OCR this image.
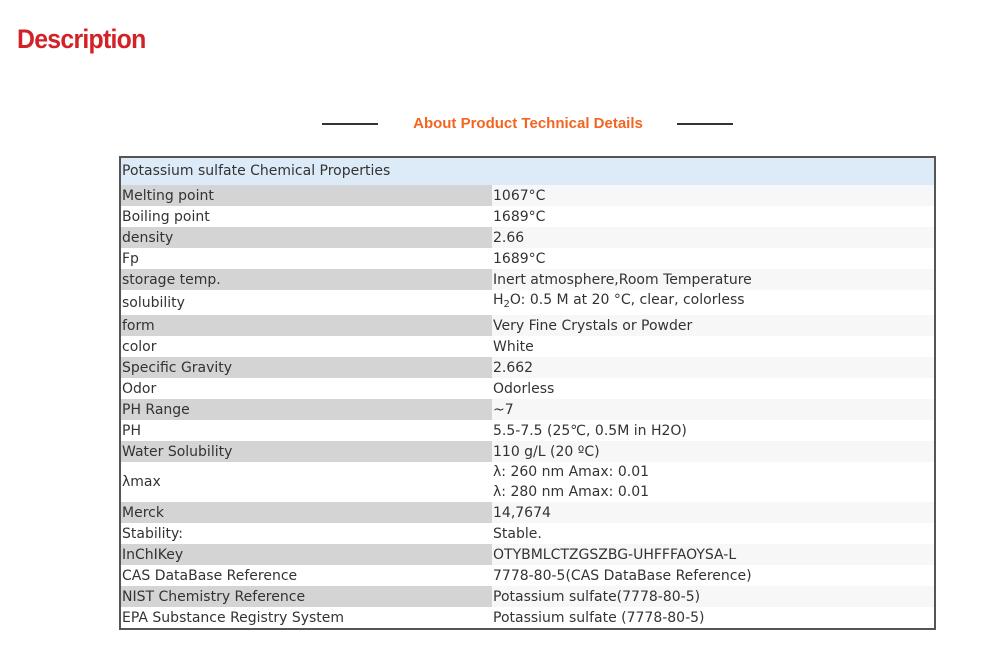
Description
About Product Technical Details
Potassium sulfate Chemical Properties	
Melting point	1067°C
Boiling point	1689°C
density	2.66
Fp	1689°C
storage temp.	Inert atmosphere,Room Temperature
solubility	$H_2O$: 0.5 M at 20 °C, clear, colorless
form	Very Fine Crystals or Powder
color	White
Specific Gravity	2.662
Odor	Odorless
PH Range	~7
PH	5.5-7.5 (25℃, 0.5M in H2O)
Water Solubility	110 g/L (20 ºC)
λmax	λ: 260 nm Amax: 0.01
λ: 280 nm Amax: 0.01

Merck	14,7674
Stability:	Stable.
InChIKey	OTYBMLCTZGSZBG-UHFFFAOYSA-L
CAS DataBase Reference	7778-80-5(CAS DataBase Reference)
NIST Chemistry Reference	Potassium sulfate(7778-80-5)
EPA Substance Registry System	Potassium sulfate (7778-80-5)
